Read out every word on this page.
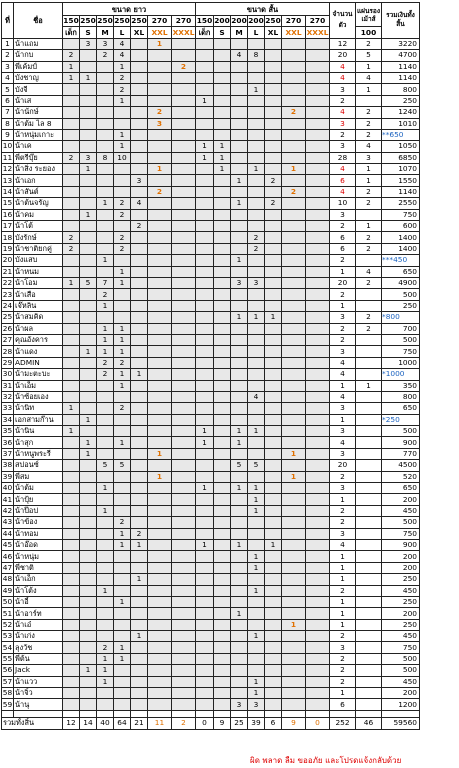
ที่	ชื่อ	ขนาด ยาว							ขนาด สั้น							จำนวนตัว	แผ่นรองเม้าส์	รวมเงินทั้งสิ้น
		150	250	250	250	250	270	270	150	200	200	200	250	270	270			
		เด็ก	S	M	L	XL	XXL	XXXL	เด็ก	S	M	L	XL	XXL	XXXL		100	
1	น้าแถม		3	3	4		1									12	2	3220
2	น้ากบ	2		2	4						4	8				20	5	4700
3	พี่เค้มป์	1			1			2								4	1	1140
4	บังชาญ	1	1		2											4	4	1140
5	บังจี				2							1				3	1	800
6	น้าเส				1				1							2		250
7	น้าน้กษ์						2							2		4	2	1240
8	น้าต้ม ไล 8						3									3	2	1010
9	น้าหนุ่มเกาะ				1											2	2	**650
10	น้าเค				1				1	1						3	4	1050
11	พี่ตรีบุ๊ย	2	3	8	10				1	1						28	3	6850
12	น้าสิ่ง ระยอง		1				1			1		1		1		4	1	1070
13	น้าเอก					3					1		2			6	1	1550
14	น้าสันต์						2							2		4	2	1140
15	น้าต้นจรัญ			1	2	4					1		2			10	2	2550
16	น้าคม		1		2											3		750
17	น้าโต้					2										2	1	600
18	บังรักษ์	2			2							2				6	2	1400
19	น้าชาติยกคู่	2			2							2				6	2	1400
20	บังแสบ			1							1					2		***450
21	น้าหนม				1											1	4	650
22	น้าโอม	1	5	7	1						3	3				20	2	4900
23	น้าเสือ			2												2		500
24	เจ๊หลิน			1												1		250
25	น้าสมคิด										1	1	1			3	2	*800
26	น้าผล			1	1											2	2	700
27	คุณอังคาร			1	1											2		500
28	น้าแดง		1	1	1											3		750
29	ADMIN			2	2											4		1000
30	น้ามะตะบะ			2	1	1										4		*1000
31	น้าเอ็ม				1											1	1	350
32	น้าซ้อยเอง											4				4		800
33	น้านิท	1			2											3		650
34	เอกสามก๊าน		1													1		*250
35	น้านิน	1							1		1	1				3		500
36	น้าสุก		1		1				1		1					4		900
37	น้าหนูพระรี		1				1							1		3		770
38	สปอนซ์			5	5						5	5				20		4500
39	พี่สม						1							1		2		520
40	น้าต้ม			1					1		1	1				3		650
41	น้าปุ้ย											1				1		200
42	น้าป๊อป			1								1				2		450
43	น้าข้อง				2											2		500
44	น้าทอม				1	2										3		750
45	น้าอ๊อด				1	1			1		1		1			4		900
46	น้าหนุ่ม											1				1		200
47	พี่ชาติ											1				1		200
48	น้าเอ็ก					1										1		250
49	น้าโต้ง			1								1				2		450
50	น้าอี้				1											1		250
51	น้าอาร์ท										1					1		200
52	น้าเอ๋													1		1		250
53	น้าเก่ง					1						1				2		450
54	ลุงวัช			2	1											3		750
55	พี่ต้น			1	1											2		500
56	Jack		1	1												2		500
57	น้าแวว			1								1				2		450
58	น้าจิ้ว											1				1		200
59	น้านุ										3	3				6		1200

รวมทั้งสิ้น		12	14	40	64	21	11	2	0	9	25	39	6	9	0	252	46	59560
ผิด พลาด ลืม ขออภัย และโปรดแจ้งกลับด้วย
